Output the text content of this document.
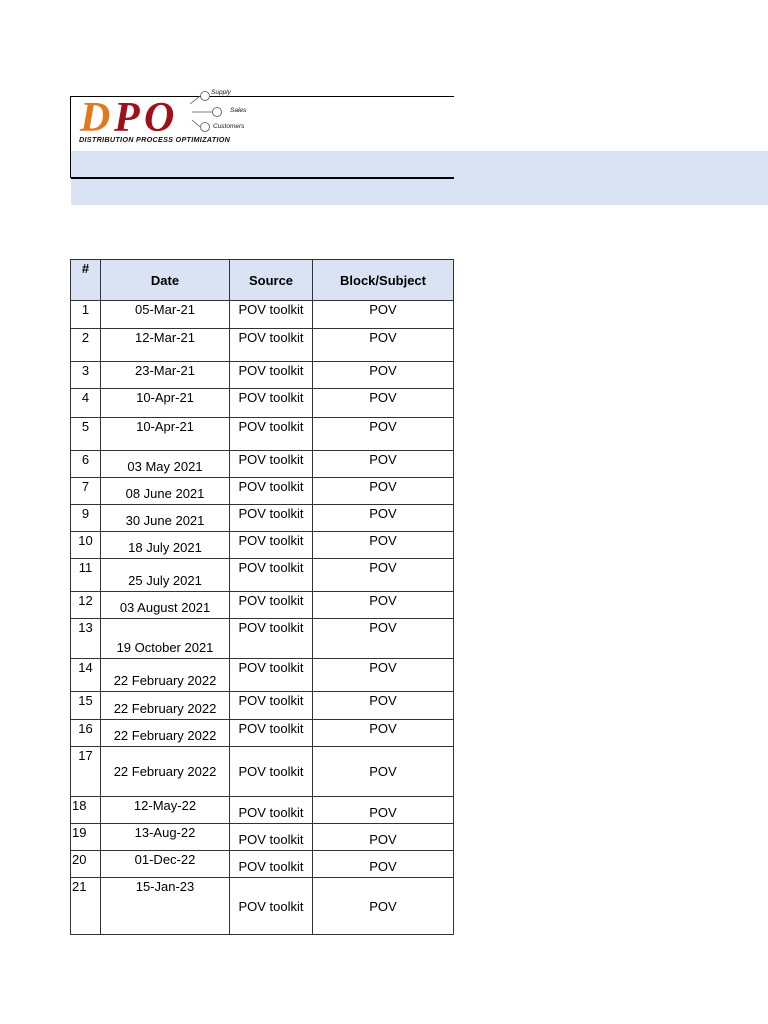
D P O
Supply
Sales
Customers
DISTRIBUTION PROCESS OPTIMIZATION
#	Date	Source	Block/Subject
1	05-Mar-21	POV toolkit	POV
2	12-Mar-21	POV toolkit	POV
3	23-Mar-21	POV toolkit	POV
4	10-Apr-21	POV toolkit	POV
5	10-Apr-21	POV toolkit	POV
6	03 May 2021	POV toolkit	POV
7	08 June 2021	POV toolkit	POV
9	30 June 2021	POV toolkit	POV
10	18 July 2021	POV toolkit	POV
11	25 July 2021	POV toolkit	POV
12	03 August 2021	POV toolkit	POV
13	19 October 2021	POV toolkit	POV
14	22 February 2022	POV toolkit	POV
15	22 February 2022	POV toolkit	POV
16	22 February 2022	POV toolkit	POV
17	22 February 2022	POV toolkit	POV
18	12-May-22	POV toolkit	POV
19	13-Aug-22	POV toolkit	POV
20	01-Dec-22	POV toolkit	POV
21	15-Jan-23	POV toolkit	POV
